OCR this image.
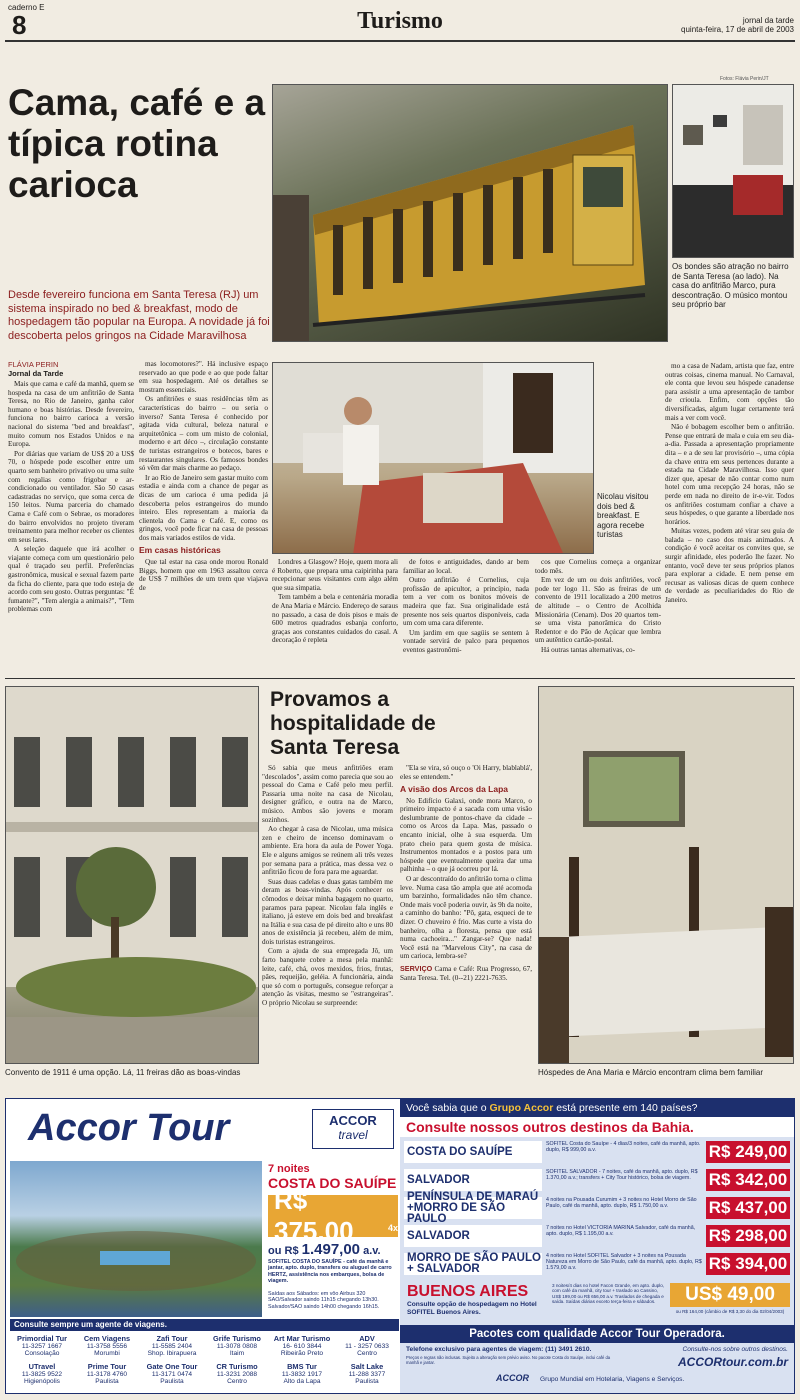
caderno E
8	Turismo	jornal da tarde
quinta-feira, 17 de abril de 2003
Cama, café e a típica rotina carioca
Desde fevereiro funciona em Santa Teresa (RJ) um sistema inspirado no bed & breakfast, modo de hospedagem tão popular na Europa. A novidade já foi descoberta pelos gringos na Cidade Maravilhosa
Fotos: Flávia Perin/JT
Os bondes são atração no bairro de Santa Teresa (ao lado). Na casa do anfitrião Marco, pura descontração. O músico montou seu próprio bar
Nicolau visitou dois bed & breakfast. E agora recebe turistas
FLÁVIA PERIN
Jornal da Tarde

Mais que cama e café da manhã, quem se hospeda na casa de um anfitrião de Santa Teresa, no Rio de Janeiro, ganha calor humano e boas histórias. Desde fevereiro, funciona no bairro carioca a versão nacional do sistema "bed and breakfast", muito comum nos Estados Unidos e na Europa.

Por diárias que variam de US$ 20 a US$ 70, o hóspede pode escolher entre um quarto sem banheiro privativo ou uma suíte com regalias como frigobar e ar-condicionado ou ventilador. São 50 casas cadastradas no serviço, que soma cerca de 150 leitos. Numa parceria do chamado Cama e Café com o Sebrae, os moradores do bairro envolvidos no projeto tiveram treinamento para melhor receber os clientes em seus lares.

A seleção daquele que irá acolher o viajante começa com um questionário pelo qual é traçado seu perfil. Preferências gastronômica, musical e sexual fazem parte da ficha do cliente, para que todo esteja de acordo com seu gosto. Outras perguntas: "É fumante?", "Tem alergia a animais?", "Tem problemas com

mas locomotores?". Há inclusive espaço reservado ao que pode e ao que pode faltar em sua hospedagem. Até os detalhes se mostram essenciais.

Os anfitriões e suas residências têm as características do bairro – ou seria o inverso? Santa Teresa é conhecido por agitada vida cultural, beleza natural e arquitetônica – com um misto de colonial, moderno e art déco –, circulação constante de turistas estrangeiros e botecos, bares e restaurantes singulares. Os famosos bondes só vêm dar mais charme ao pedaço.

Ir ao Rio de Janeiro sem gastar muito com estadia e ainda com a chance de pegar as dicas de um carioca é uma pedida já descoberta pelos estrangeiros do mundo inteiro. Eles representam a maioria da clientela do Cama e Café. E, como os gringos, você pode ficar na casa de pessoas dos mais variados estilos de vida.

Em casas históricas

Que tal estar na casa onde morou Ronald Biggs, homem que em 1963 assaltou cerca de US$ 7 milhões de um trem que viajava de

Londres a Glasgow? Hoje, quem mora ali é Roberto, que prepara uma caipirinha para recepcionar seus visitantes com algo além que sua simpatia.

Tem também a bela e centenária moradia de Ana Maria e Márcio. Endereço de saraus no passado, a casa de dois pisos e mais de 600 metros quadrados esbanja conforto, graças aos constantes cuidados do casal. A decoração é repleta

de fotos e antiguidades, dando ar bem familiar ao local.

Outro anfitrião é Cornelius, cuja profissão de apicultor, a princípio, nada tem a ver com os bonitos móveis de madeira que faz. Sua originalidade está presente nos seis quartos disponíveis, cada um com uma cara diferente.

Um jardim em que sagüis se sentem à vontade servirá de palco para pequenos eventos gastronômi-

cos que Cornelius começa a organizar todo mês.

Em vez de um ou dois anfitriões, você pode ter logo 11. São as freiras de um convento de 1911 localizado a 200 metros de altitude – o Centro de Acolhida Missionária (Cenam). Dos 20 quartos tem-se uma vista panorâmica do Cristo Redentor e do Pão de Açúcar que lembra um autêntico cartão-postal.

Há outras tantas alternativas, co-

mo a casa de Nadam, artista que faz, entre outras coisas, cinema manual. No Carnaval, ele conta que levou seu hóspede canadense para assistir a uma apresentação de tambor de crioula. Enfim, com opções tão diversificadas, algum lugar certamente terá mais a ver com você.

Não é bobagem escolher bem o anfitrião. Pense que entrará de mala e cuia em seu dia-a-dia. Passada a apresentação propriamente dita – e a de seu lar provisório –, uma cópia da chave entra em seus pertences durante a estada na Cidade Maravilhosa. Isso quer dizer que, apesar de não contar como num hotel com uma recepção 24 horas, não se perde em nada no direito de ir-e-vir. Todos os anfitriões costumam confiar a chave a seus hóspedes, o que garante a liberdade nos horários.

Muitas vezes, podem até virar seu guia de balada – no caso dos mais animados. A condição é você aceitar os convites que, se surgir afinidade, eles poderão lhe fazer. No entanto, você deve ter seus próprios planos para explorar a cidade. E nem pense em recusar as valiosas dicas de quem conhece de verdade as peculiaridades do Rio de Janeiro.

Convento de 1911 é uma opção. Lá, 11 freiras dão as boas-vindas
Provamos a hospitalidade de Santa Teresa

Só sabia que meus anfitriões eram "descolados", assim como parecia que sou ao pessoal do Cama e Café pelo meu perfil. Passaria uma noite na casa de Nicolau, designer gráfico, e outra na de Marco, músico. Ambos são jovens e moram sozinhos.

Ao chegar à casa de Nicolau, uma música zen e cheiro de incenso dominavam o ambiente. Era hora da aula de Power Yoga. Ele e alguns amigos se reúnem ali três vezes por semana para a prática, mas dessa vez o anfitrião ficou de fora para me aguardar.

Suas duas cadelas e duas gatas também me deram as boas-vindas. Após conhecer os cômodos e deixar minha bagagem no quarto, paramos para papear. Nicolau fala inglês e italiano, já esteve em dois bed and breakfast na Itália e sua casa de pé direito alto e uns 80 anos de existência já recebeu, além de mim, dois turistas estrangeiros.

Com a ajuda de sua empregada Jô, um farto banquete cobre a mesa pela manhã: leite, café, chá, ovos mexidos, frios, frutas, pães, requeijão, geléia. A funcionária, ainda que só com o português, consegue reforçar a atenção às visitas, mesmo se "estrangeiras". O próprio Nicolau se surpreende:

"Ela se vira, só ouço o 'Oi Harry, blablablá', eles se entendem."

A visão dos Arcos da Lapa

No Edifício Galaxi, onde mora Marco, o primeiro impacto é a sacada com uma visão deslumbrante de pontos-chave da cidade – como os Arcos da Lapa. Mas, passado o encanto inicial, olhe à sua esquerda. Um prato cheio para quem gosta de música. Instrumentos montados e a postos para um hóspede que eventualmente queira dar uma palhinha – o que já ocorreu por lá.

O ar descontraído do anfitrião torna o clima leve. Numa casa tão ampla que até acomoda um barzinho, formalidades não têm chance. Onde mais você poderia ouvir, às 9h da noite, a caminho do banho: "Pô, gata, esqueci de te dizer. O chuveiro é frio. Mas curte a vista do banheiro, olha a floresta, pensa que está numa cachoeira..." Zangar-se? Que nada! Você está na "Marvelous City", na casa de um carioca, lembra-se?

SERVIÇO Cama e Café: Rua Progresso, 67, Santa Teresa. Tel. (0--21) 2221-7635.

Hóspedes de Ana Maria e Márcio encontram clima bem familiar
Accor Tour	ACCOR
travel
7 noites
COSTA DO SAUÍPE
R$ 375,00	4x
ou R$ 1.497,00 a.v.
SOFITEL COSTA DO SAUÍPE - café da manhã e jantar, apto. duplo, transfers ou aluguel de carro HERTZ, assistência nos embarques, bolsa de viagem.
Saídas aos Sábados: em vôo Airbus 320 SAO/Salvador saindo 11h15 chegando 13h30. Salvador/SAO saindo 14h00 chegando 16h15.
Consulte sempre um agente de viagens.
Primordial Tur
11-3257 1667
Consolação
Cem Viagens
11-3758 5556
Morumbi
Zafi Tour
11-5585 2404
Shop. Ibirapuera
Grife Turismo
11-3078 0808
Itaim
Art Mar Turismo
16- 610 3844
Ribeirão Preto
ADV
11 - 3257 0633
Centro
UTravel
11-3825 9522
Higienópolis
Prime Tour
11-3178 4760
Paulista
Gate One Tour
11-3171 0474
Paulista
CR Turismo
11-3231 2088
Centro
BMS Tur
11-3832 1917
Alto da Lapa
Salt Lake
11-288 3377
Paulista
Você sabia que o Grupo Accor está presente em 140 países?
Consulte nossos outros destinos da Bahia.
BUENOS AIRES
Consulte opção de hospedagem no Hotel SOFITEL Buenos Aires.
3 noites/4 dias no hotel Facon Grande, em apto. duplo, com café da manhã, city tour + traslado ao Cassino, US$ 199,00 ou R$ 656,00 a.v. Traslados de chegada e saída. Saídas diárias exceto terça-feira e sábados.	US$ 49,00
ou R$ 164,00 (câmbio de R$ 3,30 do dia 02/04/2003)
Pacotes com qualidade Accor Tour Operadora.
Telefone exclusivo para agentes de viagem: (11) 3491 2610.
Preços e regras não inclusas. Sujeito a alteração sem prévio aviso. No pacote Costa do Sauípe, inclui café da manhã e jantar.
Consulte-nos sobre outros destinos.
ACCORtour.com.br
ACCOR Grupo Mundial em Hotelaria, Viagens e Serviços.
COSTA DO SAUÍPE
SOFITEL Costa do Sauípe - 4 dias/3 noites, café da manhã, apto. duplo, R$ 999,00 a.v.	R$ 249,00
SALVADOR
SOFITEL SALVADOR - 7 noites, café da manhã, apto. duplo, R$ 1.370,00 a.v.; transfers + City Tour histórico, bolsa de viagem.	R$ 342,00
PENÍNSULA DE MARAÚ +MORRO DE SÃO PAULO
4 noites na Pousada Curumim + 3 noites no Hotel Morro de São Paulo, café da manhã, apto. duplo, R$ 1.750,00 a.v.	R$ 437,00
SALVADOR
7 noites no Hotel VICTORIA MARINA Salvador, café da manhã, apto. duplo, R$ 1.195,00 a.v.	R$ 298,00
MORRO DE SÃO PAULO + SALVADOR
4 noites no Hotel SOFITEL Salvador + 3 noites na Pousada Natureza em Morro de São Paulo, café da manhã, apto. duplo, R$ 1.579,00 a.v.	R$ 394,00
